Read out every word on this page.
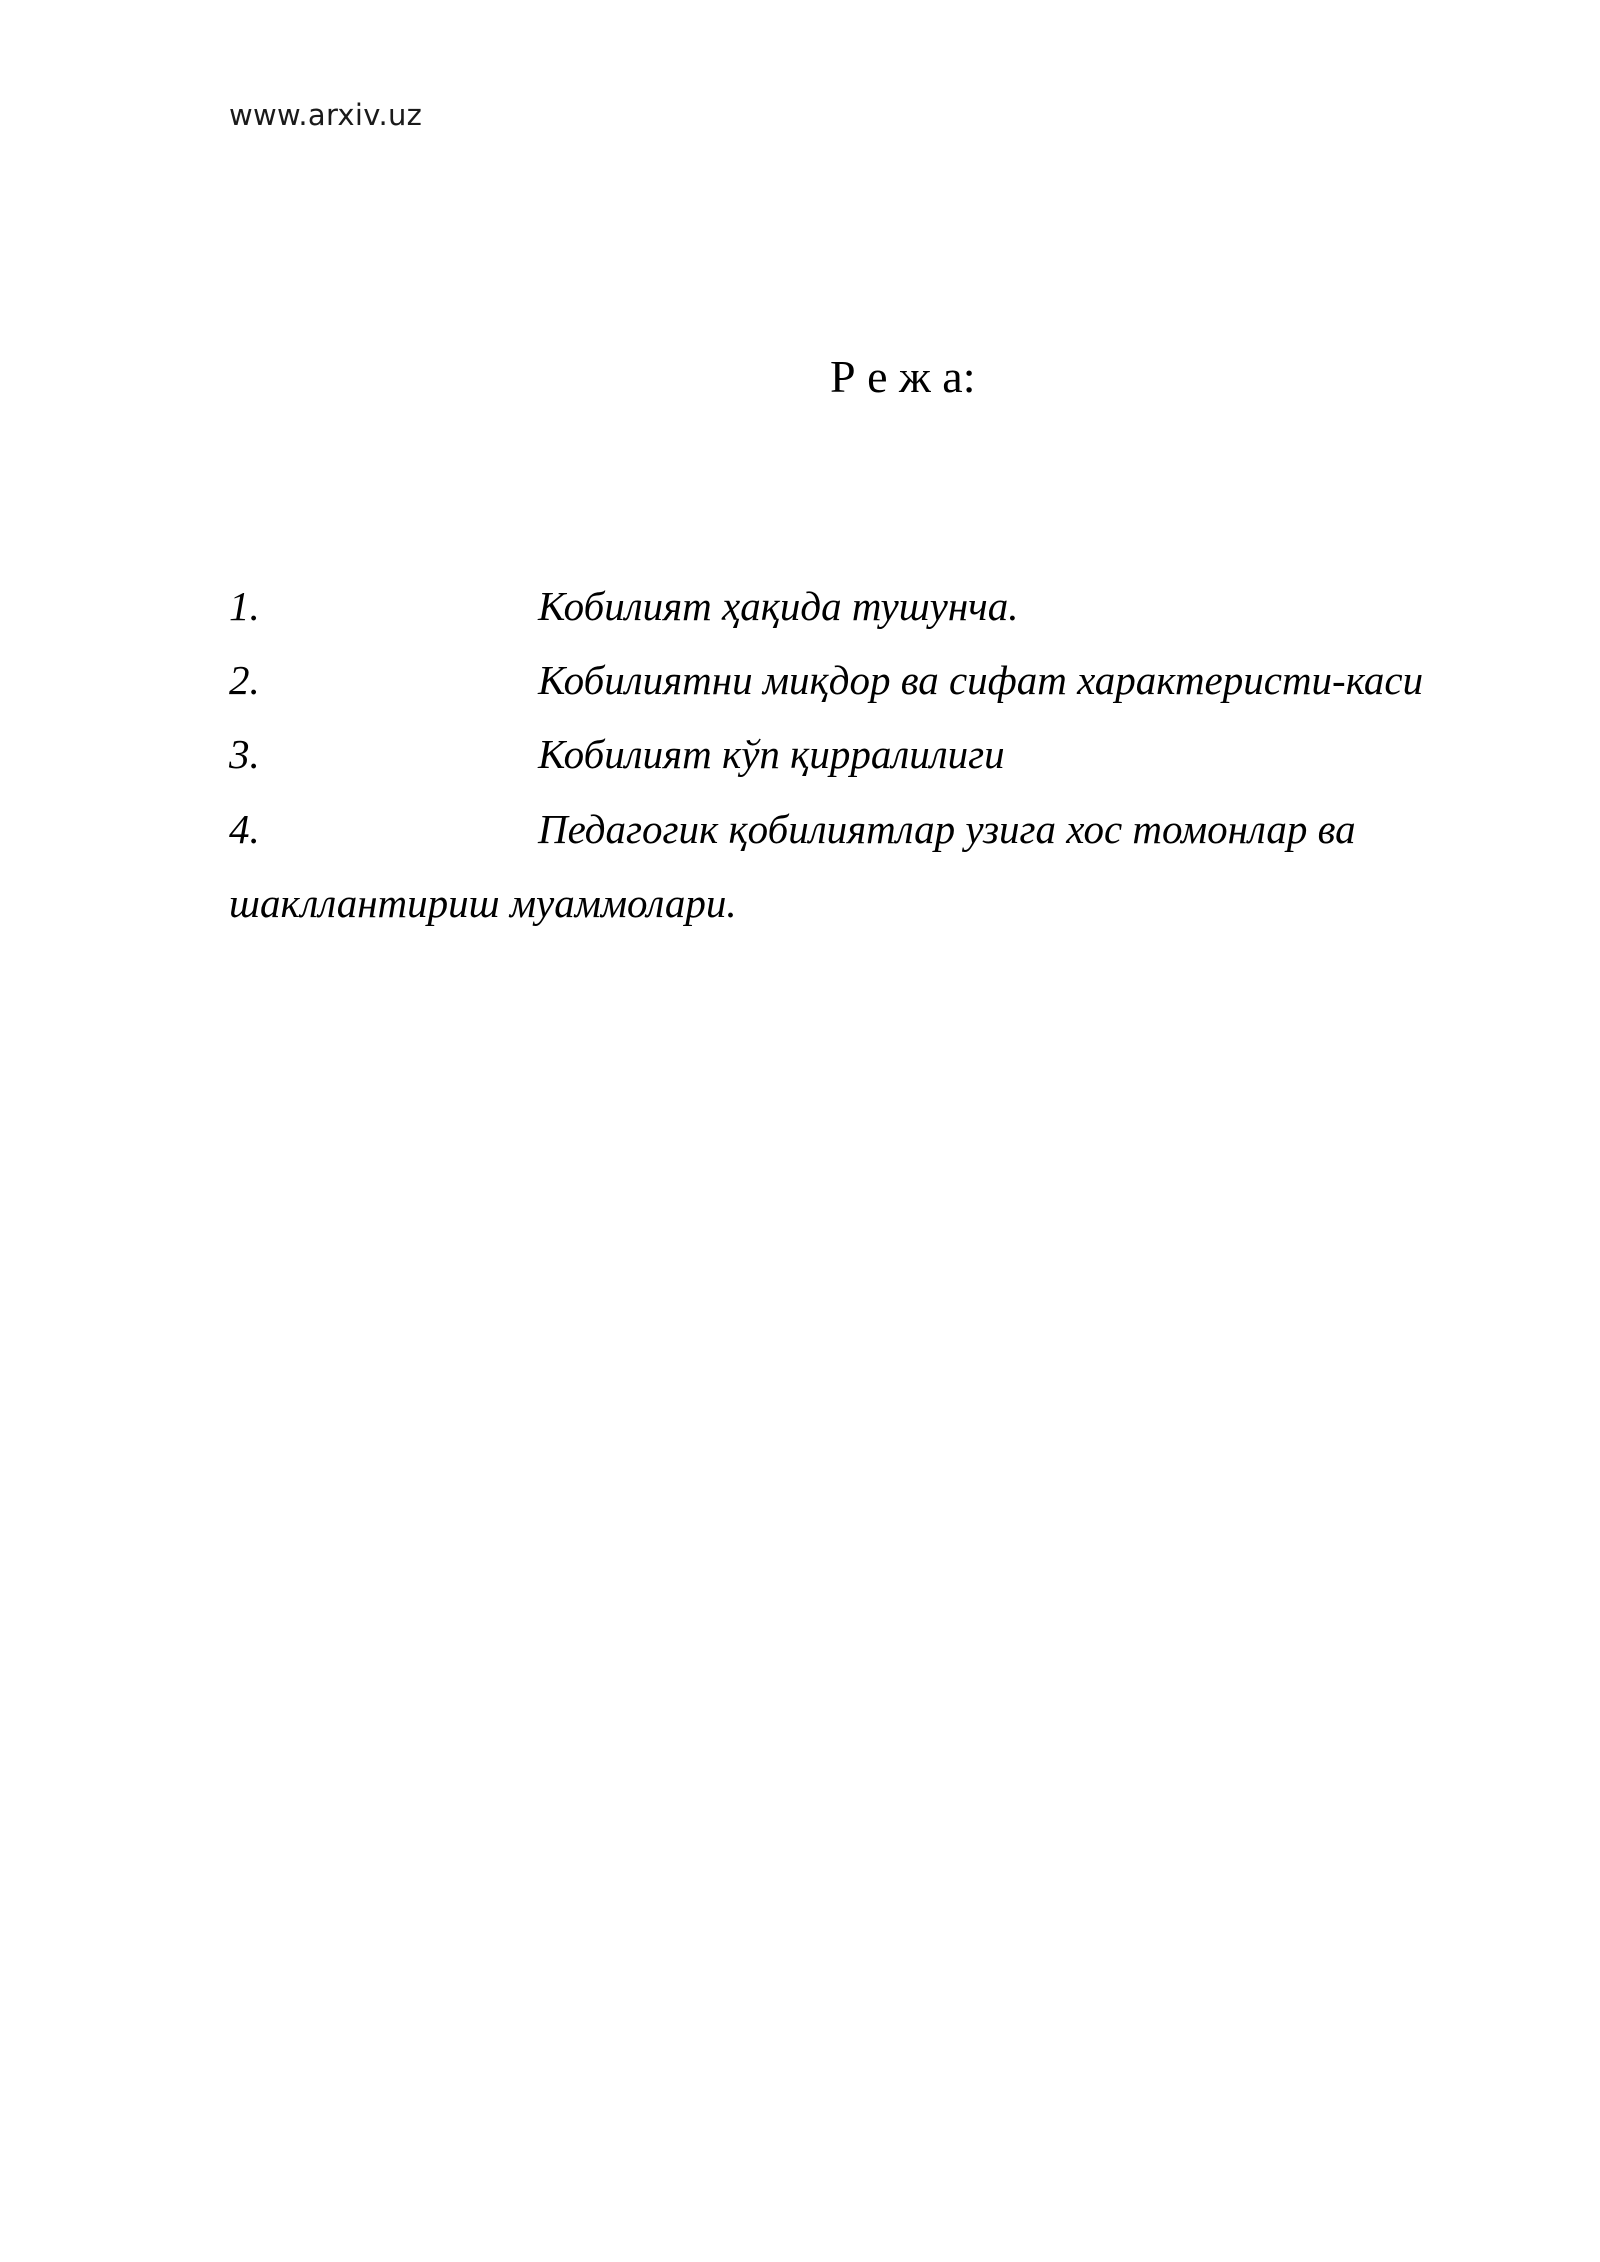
www.arxiv.uz
Р е ж а:
1.	Кобилият ҳақида тушунча.
2.	Кобилиятни миқдор ва сифат характеристи-каси
3.	Кобилият кўп қирралилиги
4.	Педагогик қобилиятлар узига хос томонлар ва
шакллантириш муаммолари.
